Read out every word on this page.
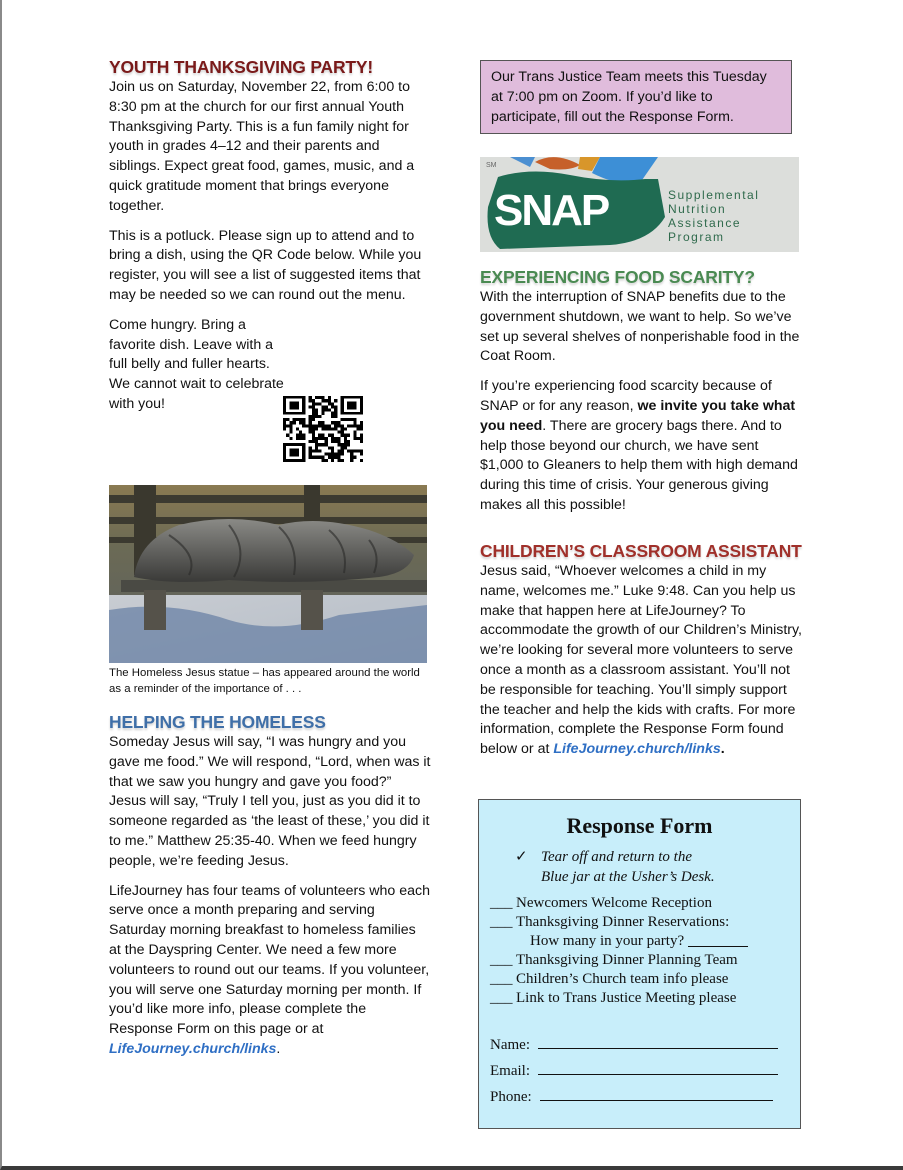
YOUTH THANKSGIVING PARTY!

Join us on Saturday, November 22, from 6:00 to 8:30 pm at the church for our first annual Youth Thanksgiving Party. This is a fun family night for youth in grades 4–12 and their parents and siblings. Expect great food, games, music, and a quick gratitude moment that brings everyone together.

This is a potluck. Please sign up to attend and to bring a dish, using the QR Code below. While you register, you will see a list of suggested items that may be needed so we can round out the menu.

Come hungry. Bring a favorite dish. Leave with a full belly and fuller hearts. We cannot wait to celebrate with you!

The Homeless Jesus statue – has appeared around the world as a reminder of the importance of . . .

HELPING THE HOMELESS

Someday Jesus will say, “I was hungry and you gave me food.” We will respond, “Lord, when was it that we saw you hungry and gave you food?” Jesus will say, “Truly I tell you, just as you did it to someone regarded as ‘the least of these,’ you did it to me.” Matthew 25:35-40. When we feed hungry people, we’re feeding Jesus.

LifeJourney has four teams of volunteers who each serve once a month preparing and serving Saturday morning breakfast to homeless families at the Dayspring Center. We need a few more volunteers to round out our teams. If you volunteer, you will serve one Saturday morning per month. If you’d like more info, please complete the Response Form on this page or at LifeJourney.church/links.

Our Trans Justice Team meets this Tuesday at 7:00 pm on Zoom. If you’d like to participate, fill out the Response Form.

SM
SNAP	Supplemental
Nutrition
Assistance
Program
EXPERIENCING FOOD SCARITY?

With the interruption of SNAP benefits due to the government shutdown, we want to help. So we’ve set up several shelves of nonperishable food in the Coat Room.

If you’re experiencing food scarcity because of SNAP or for any reason, we invite you take what you need. There are grocery bags there. And to help those beyond our church, we have sent $1,000 to Gleaners to help them with high demand during this time of crisis. Your generous giving makes all this possible!

CHILDREN’S CLASSROOM ASSISTANT

Jesus said, “Whoever welcomes a child in my name, welcomes me.” Luke 9:48. Can you help us make that happen here at LifeJourney? To accommodate the growth of our Children’s Ministry, we’re looking for several more volunteers to serve once a month as a classroom assistant. You’ll not be responsible for teaching. You’ll simply support the teacher and help the kids with crafts. For more information, complete the Response Form found below or at LifeJourney.church/links.

Response Form
✓ Tear off and return to the
Blue jar at the Usher’s Desk.
___ Newcomers Welcome Reception
___ Thanksgiving Dinner Reservations:
How many in your party?
___ Thanksgiving Dinner Planning Team
___ Children’s Church team info please
___ Link to Trans Justice Meeting please
Name:
Email:
Phone:
